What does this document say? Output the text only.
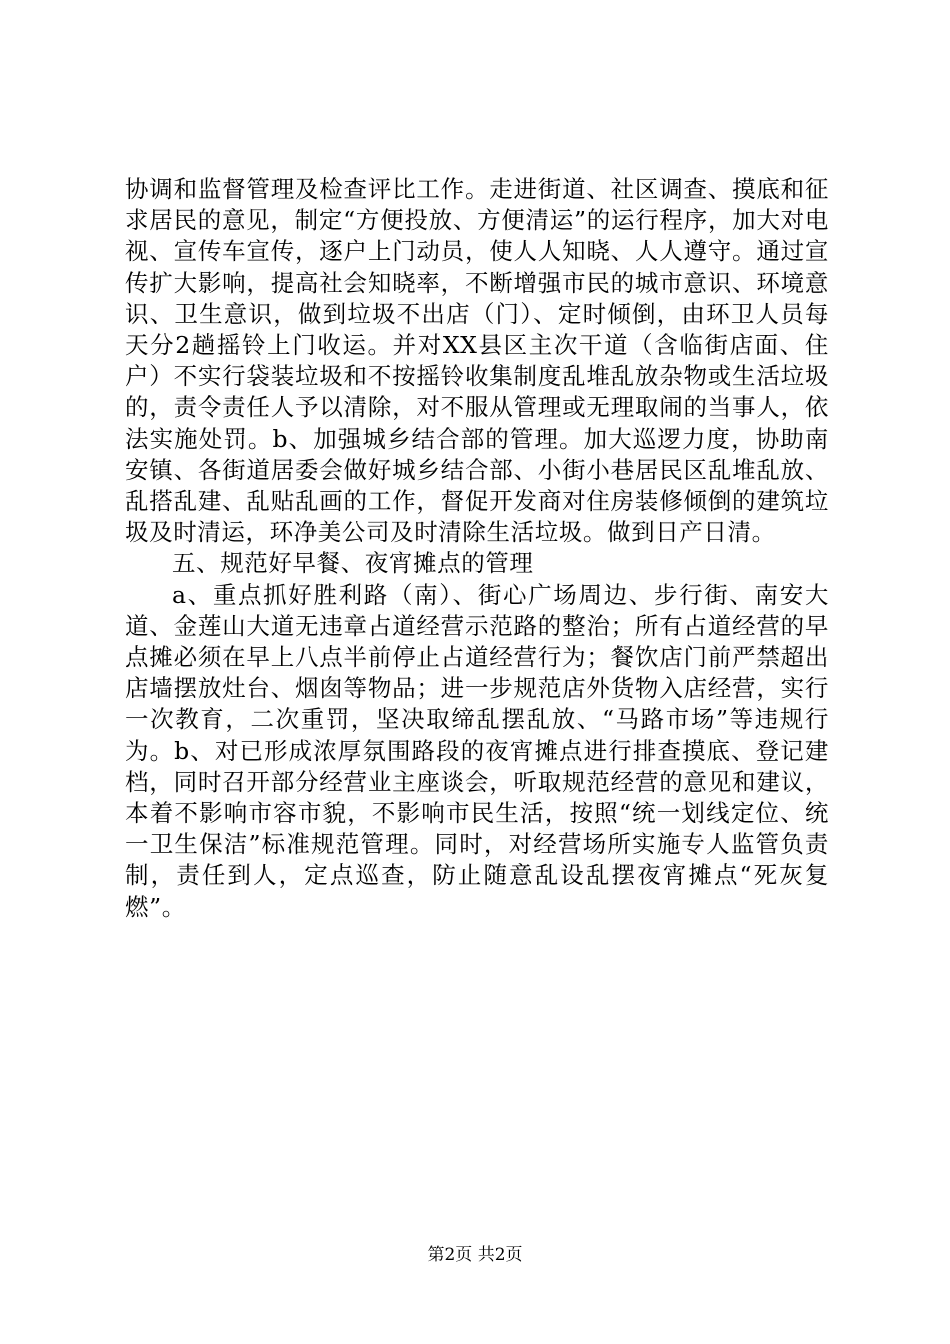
协调和监督管理及检查评比工作。走进街道、社区调查、摸底和征求居民的意见，制定“方便投放、方便清运”的运行程序，加大对电视、宣传车宣传，逐户上门动员，使人人知晓、人人遵守。通过宣传扩大影响，提高社会知晓率，不断增强市民的城市意识、环境意识、卫生意识，做到垃圾不出店（门）、定时倾倒，由环卫人员每天分2趟摇铃上门收运。并对XX县区主次干道（含临街店面、住户）不实行袋装垃圾和不按摇铃收集制度乱堆乱放杂物或生活垃圾的，责令责任人予以清除，对不服从管理或无理取闹的当事人，依法实施处罚。b、加强城乡结合部的管理。加大巡逻力度，协助南安镇、各街道居委会做好城乡结合部、小街小巷居民区乱堆乱放、乱搭乱建、乱贴乱画的工作，督促开发商对住房装修倾倒的建筑垃圾及时清运，环净美公司及时清除生活垃圾。做到日产日清。

五、规范好早餐、夜宵摊点的管理

a、重点抓好胜利路（南）、街心广场周边、步行街、南安大道、金莲山大道无违章占道经营示范路的整治；所有占道经营的早点摊必须在早上八点半前停止占道经营行为；餐饮店门前严禁超出店墙摆放灶台、烟囱等物品；进一步规范店外货物入店经营，实行一次教育，二次重罚，坚决取缔乱摆乱放、“马路市场”等违规行为。b、对已形成浓厚氛围路段的夜宵摊点进行排查摸底、登记建档，同时召开部分经营业主座谈会，听取规范经营的意见和建议，本着不影响市容市貌，不影响市民生活，按照“统一划线定位、统一卫生保洁”标准规范管理。同时，对经营场所实施专人监管负责制，责任到人，定点巡查，防止随意乱设乱摆夜宵摊点“死灰复燃”。

第2页 共2页
